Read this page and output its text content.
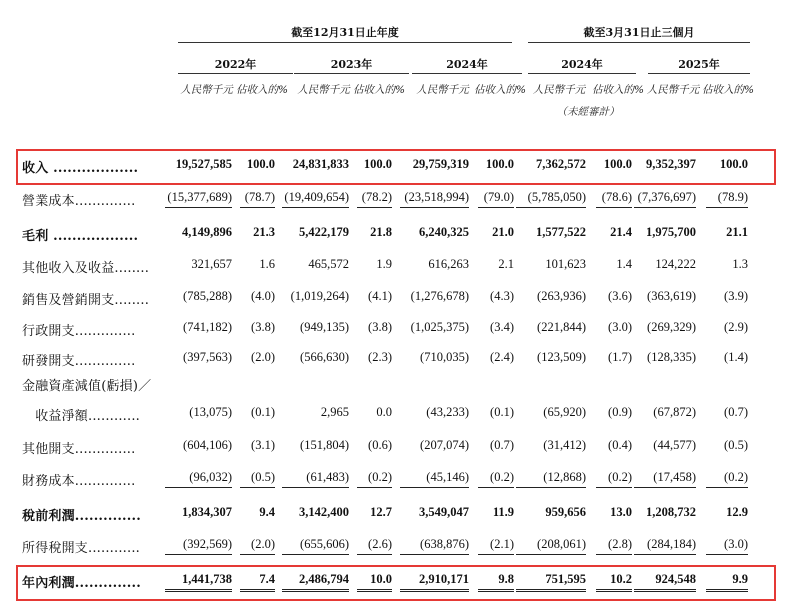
截至12月31日止年度	截至3月31日止三個月
2022年
人民幣千元 佔收入的%
2023年
人民幣千元 佔收入的%
2024年
人民幣千元 佔收入的%
2024年
人民幣千元 佔收入的%
2025年
人民幣千元 佔收入的%
（未經審計）
收入 ..................	19,527,585	100.0	24,831,833	100.0	29,759,319	100.0	7,362,572	100.0	9,352,397	100.0
營業成本..............	(15,377,689)	(78.7) (19,409,654)	(78.2) (23,518,994)	(79.0)	(5,785,050)	(78.6) (7,376,697)	(78.9)
毛利 ..................	4,149,896	21.3	5,422,179	21.8	6,240,325	21.0	1,577,522	21.4	1,975,700	21.1
其他收入及收益........	321,657	1.6	465,572	1.9	616,263	2.1	101,623	1.4	124,222	1.3
銷售及營銷開支........	(785,288)	(4.0)	(1,019,264)	(4.1)	(1,276,678)	(4.3)	(263,936)	(3.6)	(363,619)	(3.9)
行政開支..............	(741,182)	(3.8)	(949,135)	(3.8)	(1,025,375)	(3.4)	(221,844)	(3.0)	(269,329)	(2.9)
研發開支..............	(397,563)	(2.0)	(566,630)	(2.3)	(710,035)	(2.4)	(123,509)	(1.7)	(128,335)	(1.4)
金融資產減值(虧損)／
　收益淨額............	(13,075)	(0.1)	2,965	0.0	(43,233)	(0.1)	(65,920)	(0.9)	(67,872)	(0.7)
其他開支..............	(604,106)	(3.1)	(151,804)	(0.6)	(207,074)	(0.7)	(31,412)	(0.4)	(44,577)	(0.5)
財務成本..............	(96,032)	(0.5)	(61,483)	(0.2)	(45,146)	(0.2)	(12,868)	(0.2)	(17,458)	(0.2)
稅前利潤..............	1,834,307	9.4	3,142,400	12.7	3,549,047	11.9	959,656	13.0	1,208,732	12.9
所得稅開支............	(392,569)	(2.0)	(655,606)	(2.6)	(638,876)	(2.1)	(208,061)	(2.8)	(284,184)	(3.0)
年內利潤..............	1,441,738	7.4	2,486,794	10.0	2,910,171	9.8	751,595	10.2	924,548	9.9
